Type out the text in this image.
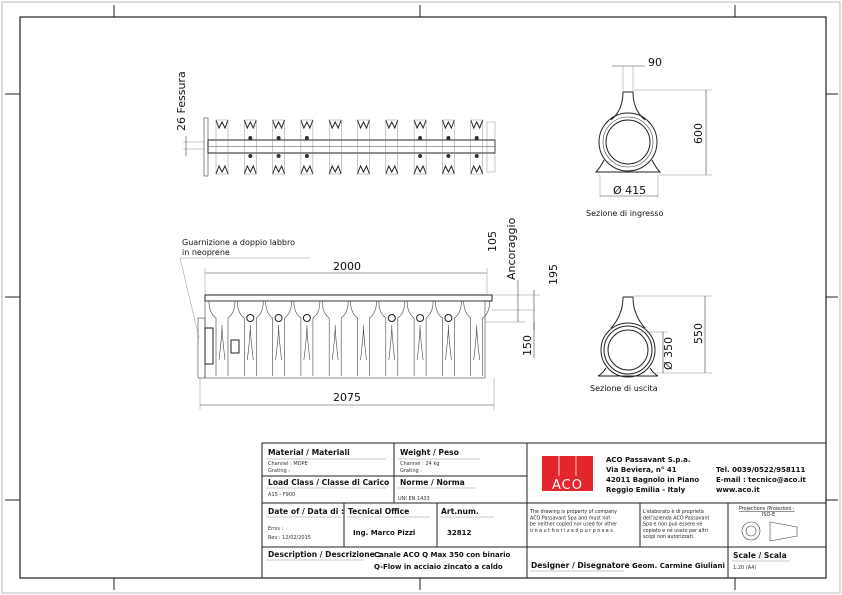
26 Fessura
Guarnizione a doppio labbro
in neoprene
2000
2075
105 Ancoraggio	195
150
90
Ø 415
600
Sezione di ingresso
Ø 350
550
Sezione di uscita
Material / Materiali
Channel : MDPE
Grating :
Weight / Peso
Channel : 24 kg
Grating :
Load Class / Classe di Carico
A15 - F900
Norme / Norma
UNI EN 1433
Date of / Data di :
Emis :
Rev : 12/02/2015
Tecnical Office
Ing. Marco Pizzi
Art.num.
32812
Description / Descrizione :
Canale ACO Q Max 350 con binario
Q-Flow in acciaio zincato a caldo
ACO
ACO Passavant S.p.a.
Via Beviera, n° 41
42011 Bagnolo in Piano
Reggio Emilia - Italy
Tel. 0039/0522/958111
E-mail : tecnico@aco.it
www.aco.it
The drawing is property of company
ACO Passavant Spa and must not
be neither copied nor used for other
u n a u t h o r i z e d p u r p o s e s.
L'elaborato è di proprietà
dell'azienda ACO Passavant
Spa e non può essere né
copiato e né usato per altri
scopi non autorizzati.
Projections /Proiezioni :
ISO-E
Designer / Disegnatore :
Geom. Carmine Giuliani
Scale / Scala
1:20 (A4)
